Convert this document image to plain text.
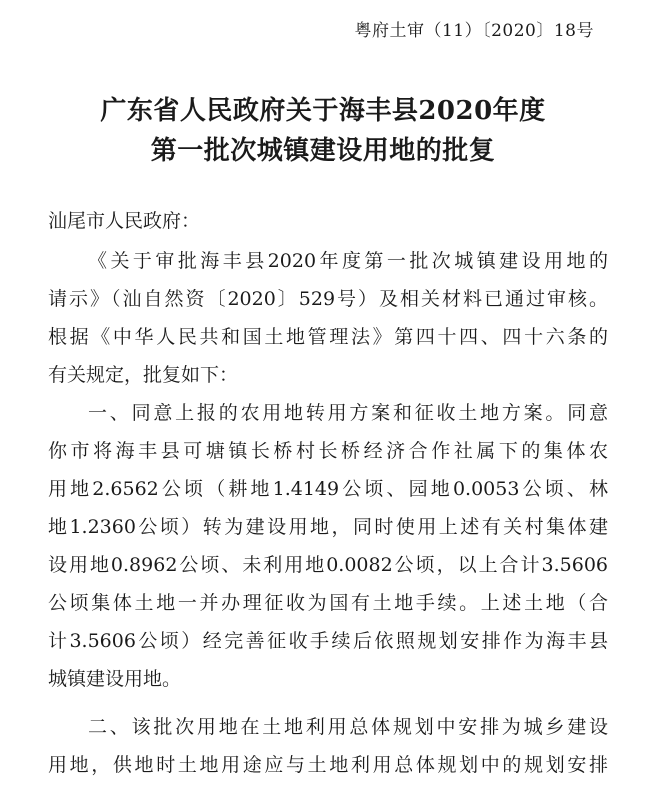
粤府土审（11）〔2020〕18号
广东省人民政府关于海丰县2020年度
第一批次城镇建设用地的批复
汕尾市人民政府：
《关于审批海丰县2020年度第一批次城镇建设用地的
请示》（汕自然资〔2020〕529号）及相关材料已通过审核。
根据《中华人民共和国土地管理法》第四十四、四十六条的
有关规定，批复如下：
一、同意上报的农用地转用方案和征收土地方案。同意
你市将海丰县可塘镇长桥村长桥经济合作社属下的集体农
用地2.6562公顷（耕地1.4149公顷、园地0.0053公顷、林
地1.2360公顷）转为建设用地，同时使用上述有关村集体建
设用地0.8962公顷、未利用地0.0082公顷，以上合计3.5606
公顷集体土地一并办理征收为国有土地手续。上述土地（合
计3.5606公顷）经完善征收手续后依照规划安排作为海丰县
城镇建设用地。
二、该批次用地在土地利用总体规划中安排为城乡建设
用地，供地时土地用途应与土地利用总体规划中的规划安排
